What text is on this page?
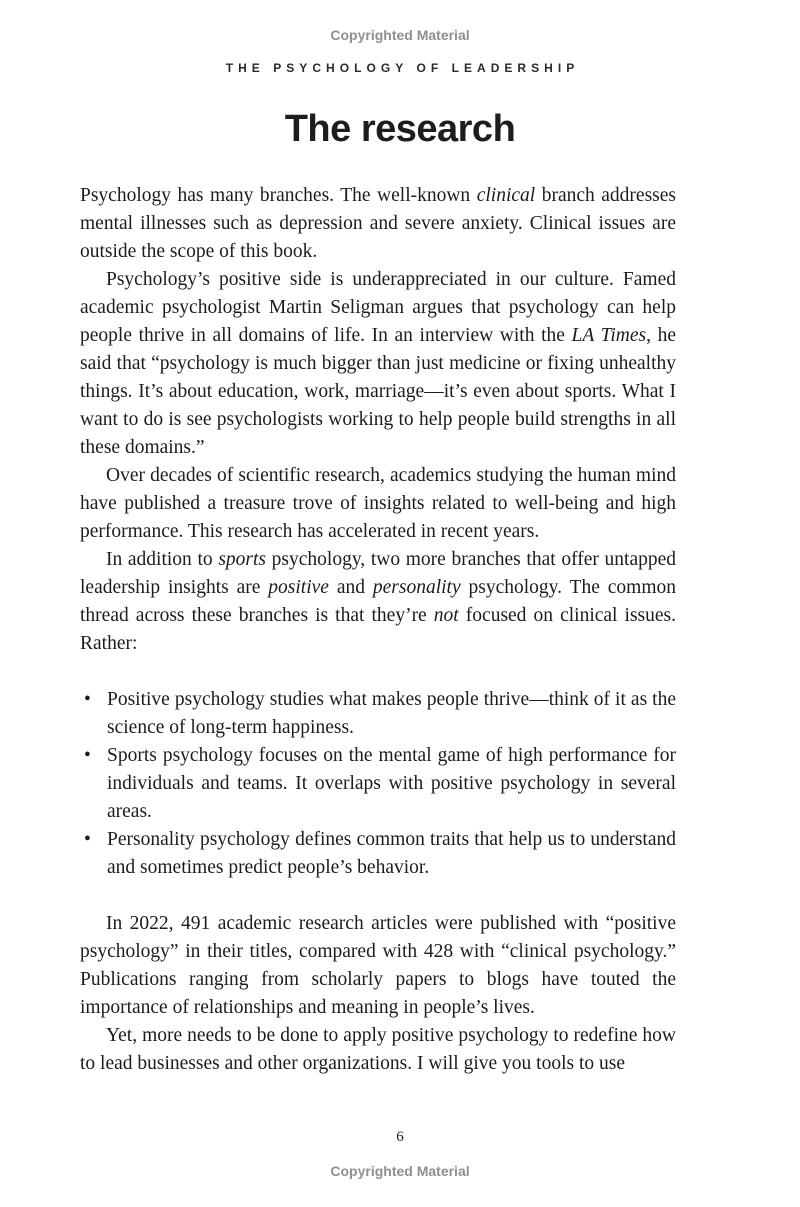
Copyrighted Material
THE PSYCHOLOGY OF LEADERSHIP
The research

Psychology has many branches. The well-known clinical branch addresses mental illnesses such as depression and severe anxiety. Clinical issues are outside the scope of this book.

Psychology’s positive side is underappreciated in our culture. Famed academic psychologist Martin Seligman argues that psychology can help people thrive in all domains of life. In an interview with the LA Times, he said that “psychology is much bigger than just medicine or fixing unhealthy things. It’s about education, work, marriage—it’s even about sports. What I want to do is see psychologists working to help people build strengths in all these domains.”

Over decades of scientific research, academics studying the human mind have published a treasure trove of insights related to well-being and high performance. This research has accelerated in recent years.

In addition to sports psychology, two more branches that offer untapped leadership insights are positive and personality psychology. The common thread across these branches is that they’re not focused on clinical issues. Rather:

• Positive psychology studies what makes people thrive—think of it as the science of long-term happiness.
• Sports psychology focuses on the mental game of high performance for individuals and teams. It overlaps with positive psychology in several areas.
• Personality psychology defines common traits that help us to understand and sometimes predict people’s behavior.

In 2022, 491 academic research articles were published with “positive psychology” in their titles, compared with 428 with “clinical psychology.” Publications ranging from scholarly papers to blogs have touted the importance of relationships and meaning in people’s lives.

Yet, more needs to be done to apply positive psychology to redefine how to lead businesses and other organizations. I will give you tools to use

6
Copyrighted Material
